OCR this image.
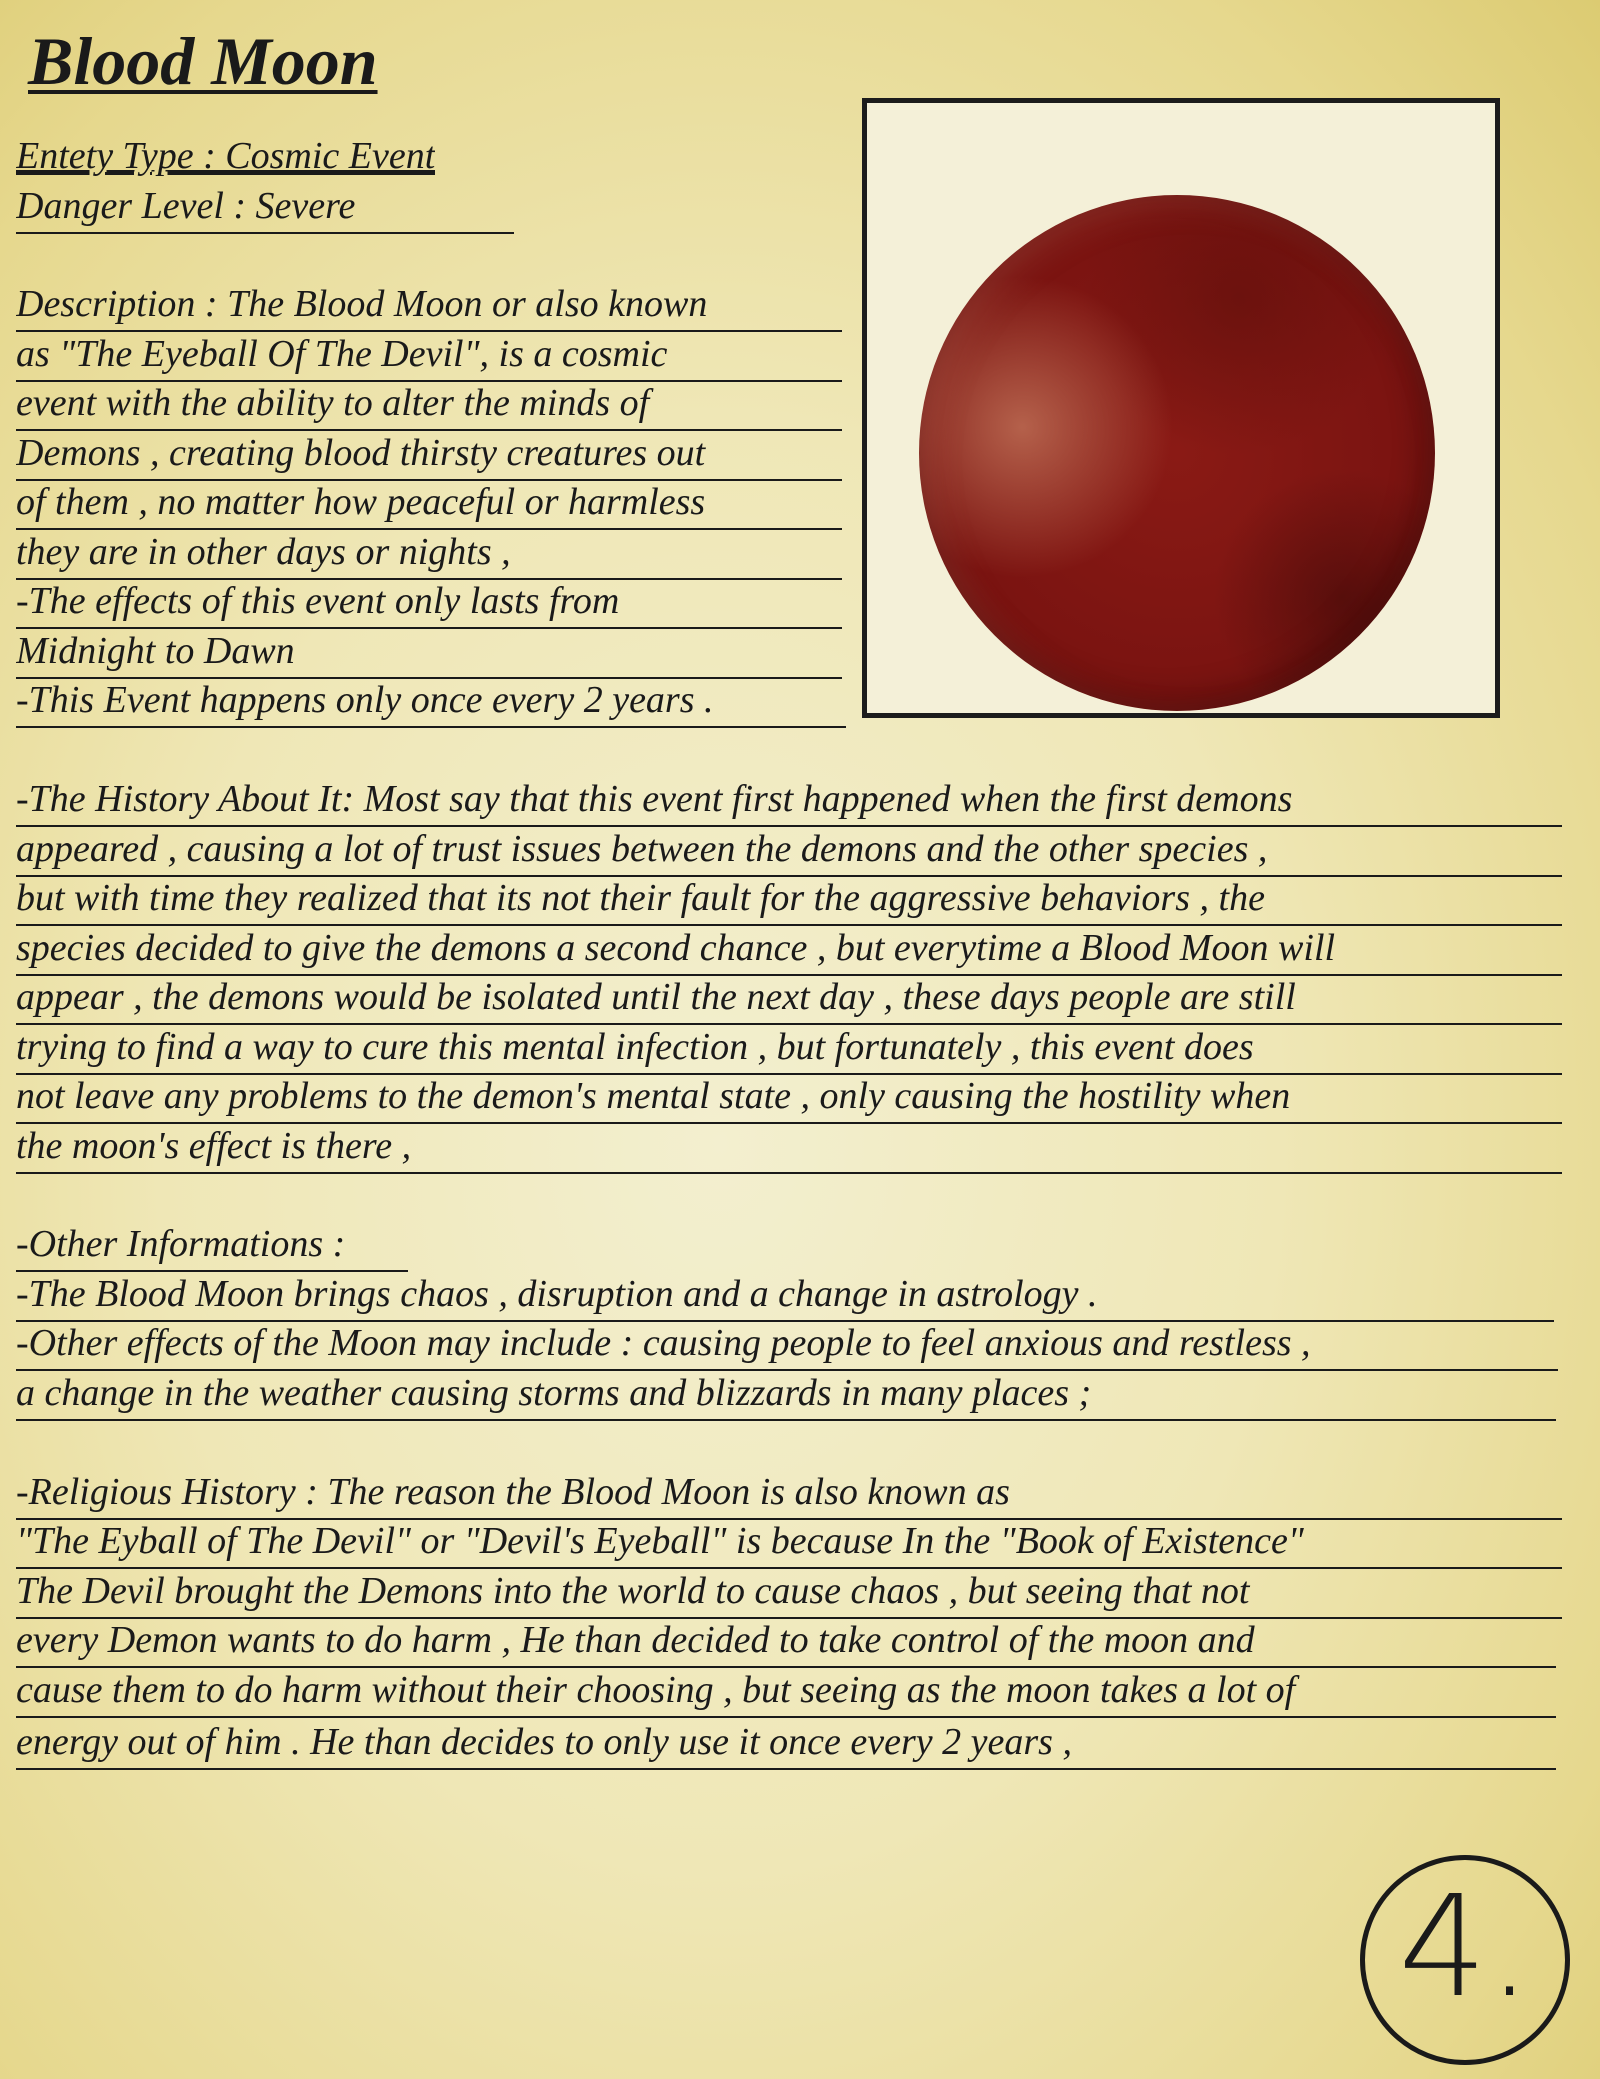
Blood Moon
Entety Type : Cosmic Event
Danger Level : Severe
Description : The Blood Moon or also known
as "The Eyeball Of The Devil", is a cosmic
event with the ability to alter the minds of
Demons , creating blood thirsty creatures out
of them , no matter how peaceful or harmless
they are in other days or nights ,
-The effects of this event only lasts from
Midnight to Dawn
-This Event happens only once every 2 years .
-The History About It: Most say that this event first happened when the first demons
appeared , causing a lot of trust issues between the demons and the other species ,
but with time they realized that its not their fault for the aggressive behaviors , the
species decided to give the demons a second chance , but everytime a Blood Moon will
appear , the demons would be isolated until the next day , these days people are still
trying to find a way to cure this mental infection , but fortunately , this event does
not leave any problems to the demon's mental state , only causing the hostility when
the moon's effect is there ,
-Other Informations :
-The Blood Moon brings chaos , disruption and a change in astrology .
-Other effects of the Moon may include : causing people to feel anxious and restless ,
a change in the weather causing storms and blizzards in many places ;
-Religious History : The reason the Blood Moon is also known as
"The Eyball of The Devil" or "Devil's Eyeball" is because In the "Book of Existence"
The Devil brought the Demons into the world to cause chaos , but seeing that not
every Demon wants to do harm , He than decided to take control of the moon and
cause them to do harm without their choosing , but seeing as the moon takes a lot of
energy out of him . He than decides to only use it once every 2 years ,
4.
